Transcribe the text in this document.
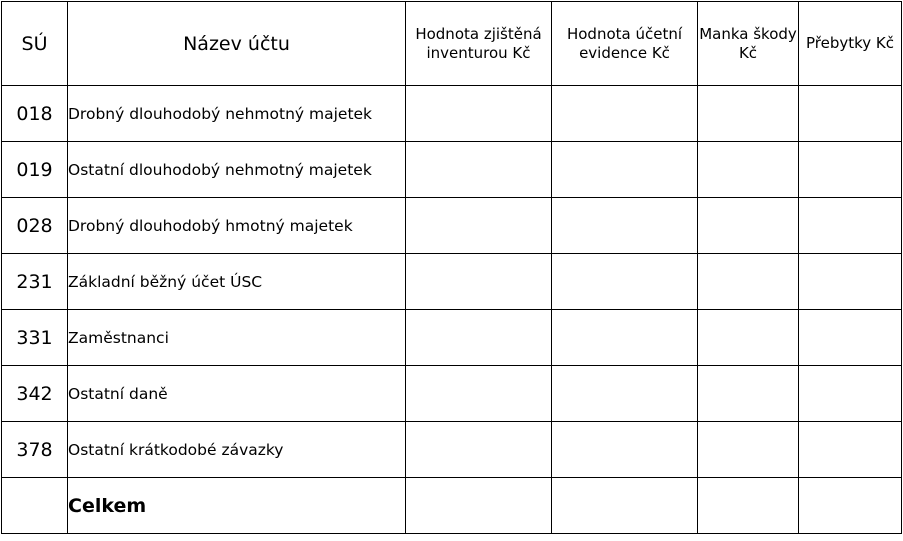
SÚ	Název účtu	Hodnota zjištěná inventurou Kč	Hodnota účetní evidence Kč	Manka škody Kč	Přebytky Kč
018	Drobný dlouhodobý nehmotný majetek				
019	Ostatní dlouhodobý nehmotný majetek				
028	Drobný dlouhodobý hmotný majetek				
231	Základní běžný účet ÚSC				
331	Zaměstnanci				
342	Ostatní daně				
378	Ostatní krátkodobé závazky				
	Celkem				
